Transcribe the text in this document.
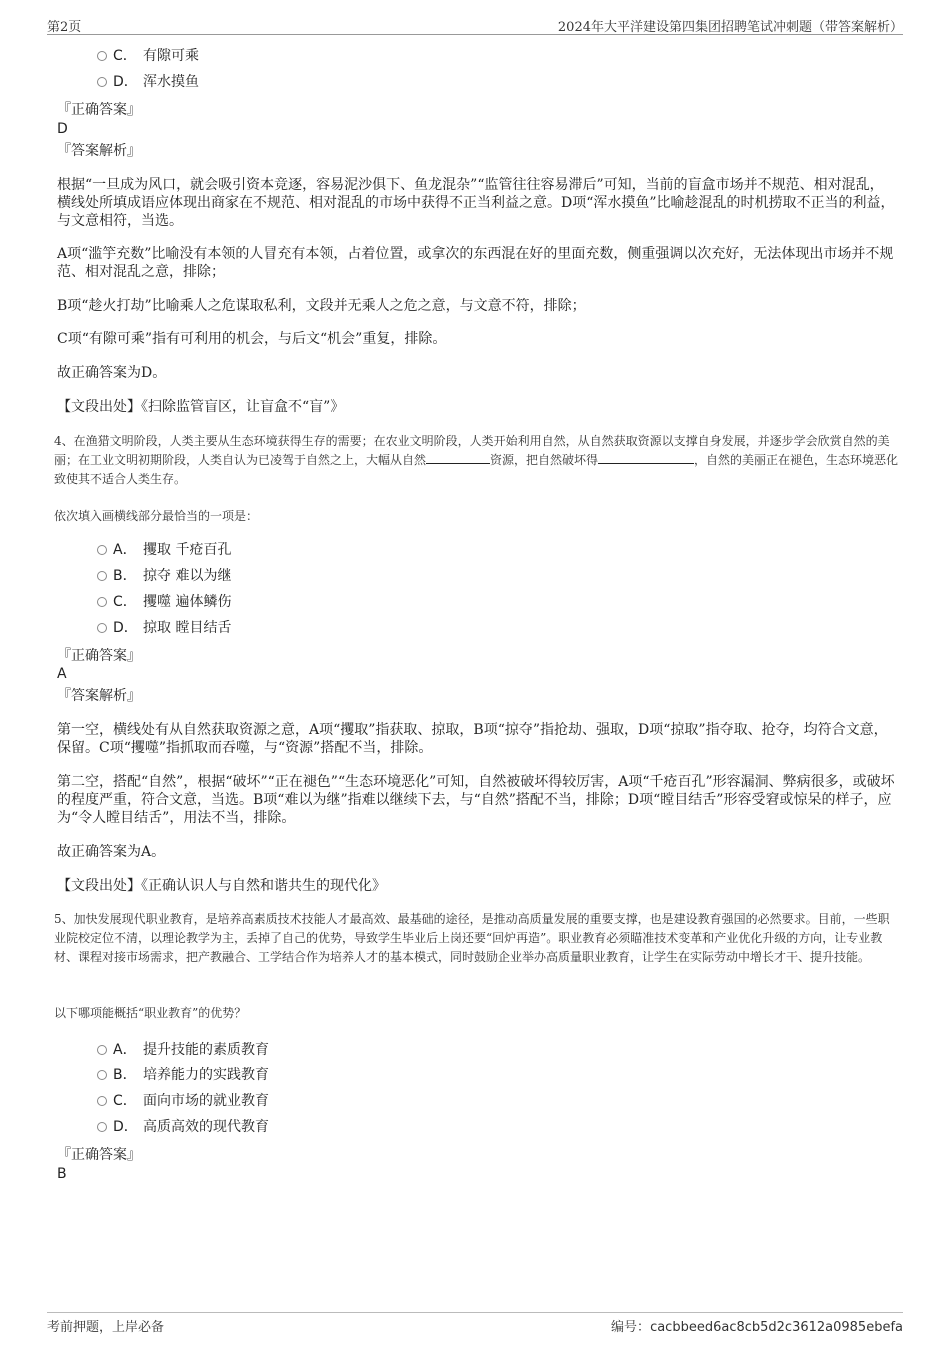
第2页	2024年大平洋建设第四集团招聘笔试冲刺题（带答案解析）
C． 有隙可乘
D． 浑水摸鱼
『正确答案』
D
『答案解析』
根据“一旦成为风口，就会吸引资本竞逐，容易泥沙俱下、鱼龙混杂”“监管往往容易滞后”可知，当前的盲盒市场并不规范、相对混乱，横线处所填成语应体现出商家在不规范、相对混乱的市场中获得不正当利益之意。D项“浑水摸鱼”比喻趁混乱的时机捞取不正当的利益，与文意相符，当选。
A项“滥竽充数”比喻没有本领的人冒充有本领，占着位置，或拿次的东西混在好的里面充数，侧重强调以次充好，无法体现出市场并不规范、相对混乱之意，排除；
B项“趁火打劫”比喻乘人之危谋取私利，文段并无乘人之危之意，与文意不符，排除；
C项“有隙可乘”指有可利用的机会，与后文“机会”重复，排除。
故正确答案为D。
【文段出处】《扫除监管盲区，让盲盒不“盲”》
4、在渔猎文明阶段，人类主要从生态环境获得生存的需要；在农业文明阶段，人类开始利用自然，从自然获取资源以支撑自身发展，并逐步学会欣赏自然的美丽；在工业文明初期阶段，人类自认为已凌驾于自然之上，大幅从自然	资源，把自然破坏得	，自然的美丽正在褪色，生态环境恶化致使其不适合人类生存。
依次填入画横线部分最恰当的一项是：
A． 攫取 千疮百孔
B． 掠夺 难以为继
C． 攫噬 遍体鳞伤
D． 掠取 瞠目结舌
『正确答案』
A
『答案解析』
第一空，横线处有从自然获取资源之意，A项“攫取”指获取、掠取，B项“掠夺”指抢劫、强取，D项“掠取”指夺取、抢夺，均符合文意，保留。C项“攫噬”指抓取而吞噬，与“资源”搭配不当，排除。
第二空，搭配“自然”，根据“破坏”“正在褪色”“生态环境恶化”可知，自然被破坏得较厉害，A项“千疮百孔”形容漏洞、弊病很多，或破坏的程度严重，符合文意，当选。B项“难以为继”指难以继续下去，与“自然”搭配不当，排除；D项“瞠目结舌”形容受窘或惊呆的样子，应为“令人瞠目结舌”，用法不当，排除。
故正确答案为A。
【文段出处】《正确认识人与自然和谐共生的现代化》
5、加快发展现代职业教育，是培养高素质技术技能人才最高效、最基础的途径，是推动高质量发展的重要支撑，也是建设教育强国的必然要求。目前，一些职业院校定位不清，以理论教学为主，丢掉了自己的优势，导致学生毕业后上岗还要“回炉再造”。职业教育必须瞄准技术变革和产业优化升级的方向，让专业教材、课程对接市场需求，把产教融合、工学结合作为培养人才的基本模式，同时鼓励企业举办高质量职业教育，让学生在实际劳动中增长才干、提升技能。
以下哪项能概括“职业教育”的优势？
A． 提升技能的素质教育
B． 培养能力的实践教育
C． 面向市场的就业教育
D． 高质高效的现代教育
『正确答案』
B
考前押题，上岸必备	编号：cacbbeed6ac8cb5d2c3612a0985ebefa
